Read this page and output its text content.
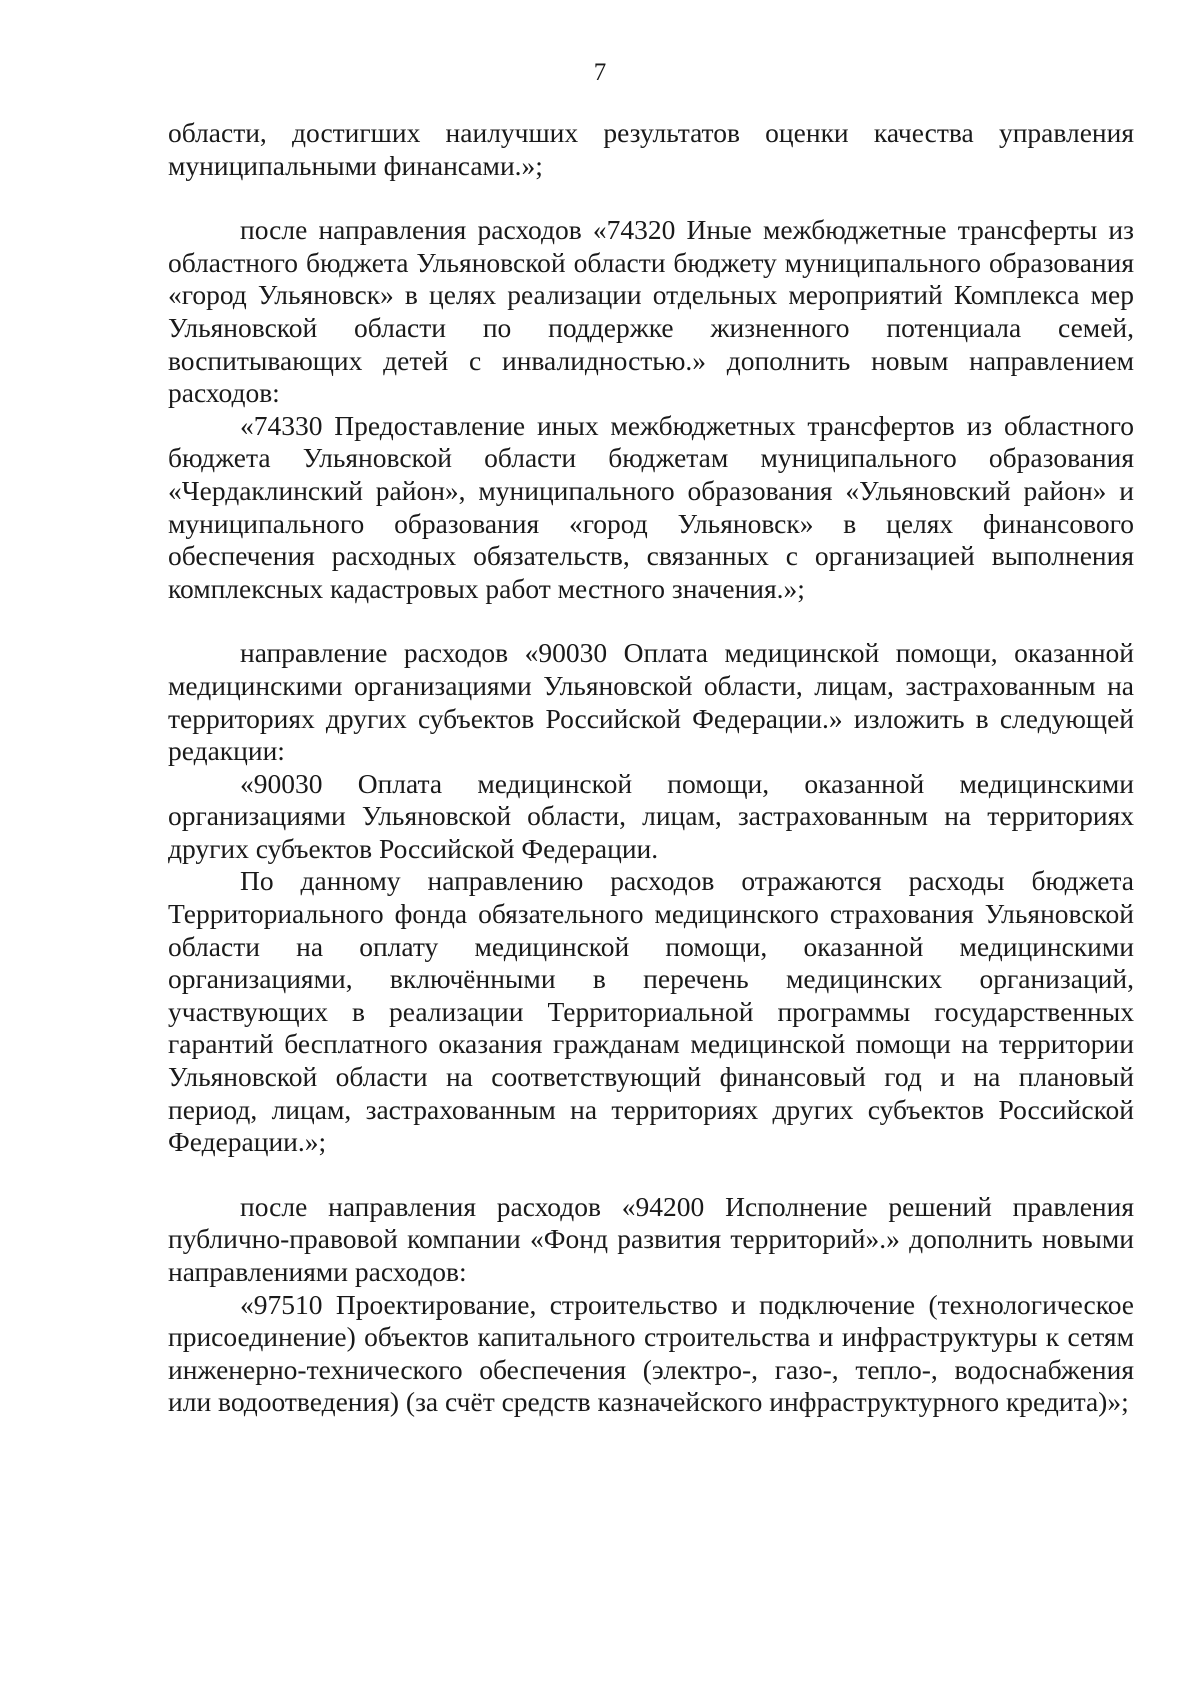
7

области, достигших наилучших результатов оценки качества управления муниципальными финансами.»;

после направления расходов «74320 Иные межбюджетные трансферты из областного бюджета Ульяновской области бюджету муниципального образования «город Ульяновск» в целях реализации отдельных мероприятий Комплекса мер Ульяновской области по поддержке жизненного потенциала семей, воспитывающих детей с инвалидностью.» дополнить новым направлением расходов:

«74330 Предоставление иных межбюджетных трансфертов из областного бюджета Ульяновской области бюджетам муниципального образования «Чердаклинский район», муниципального образования «Ульяновский район» и муниципального образования «город Ульяновск» в целях финансового обеспечения расходных обязательств, связанных с организацией выполнения комплексных кадастровых работ местного значения.»;

направление расходов «90030 Оплата медицинской помощи, оказанной медицинскими организациями Ульяновской области, лицам, застрахованным на территориях других субъектов Российской Федерации.» изложить в следующей редакции:

«90030 Оплата медицинской помощи, оказанной медицинскими организациями Ульяновской области, лицам, застрахованным на территориях других субъектов Российской Федерации.

По данному направлению расходов отражаются расходы бюджета Территориального фонда обязательного медицинского страхования Ульяновской области на оплату медицинской помощи, оказанной медицинскими организациями, включёнными в перечень медицинских организаций, участвующих в реализации Территориальной программы государственных гарантий бесплатного оказания гражданам медицинской помощи на территории Ульяновской области на соответствующий финансовый год и на плановый период, лицам, застрахованным на территориях других субъектов Российской Федерации.»;

после направления расходов «94200 Исполнение решений правления публично-правовой компании «Фонд развития территорий».» дополнить новыми направлениями расходов:

«97510 Проектирование, строительство и подключение (технологическое присоединение) объектов капитального строительства и инфраструктуры к сетям инженерно-технического обеспечения (электро-, газо-, тепло-, водоснабжения или водоотведения) (за счёт средств казначейского инфраструктурного кредита)»;
